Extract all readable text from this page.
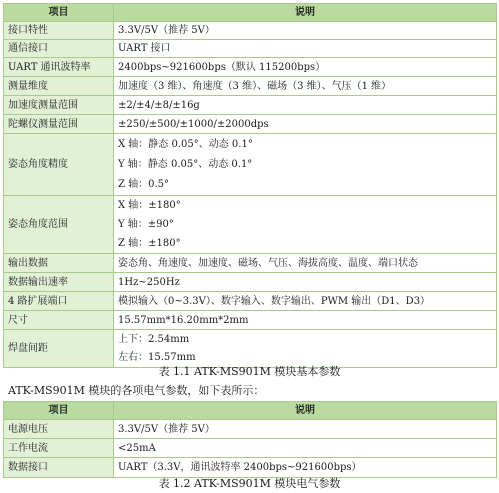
项目	说明
接口特性	3.3V/5V（推荐 5V）
通信接口	UART 接口
UART 通讯波特率	2400bps~921600bps（默认 115200bps）
测量维度	加速度（3 维）、角速度（3 维）、磁场（3 维）、气压（1 维）
加速度测量范围	±2/±4/±8/±16g
陀螺仪测量范围	±250/±500/±1000/±2000dps
姿态角度精度	X 轴：静态 0.05°、动态 0.1°
Y 轴：静态 0.05°、动态 0.1°
Z 轴：0.5°

姿态角度范围	X 轴：±180°
Y 轴：±90°
Z 轴：±180°

输出数据	姿态角、角速度、加速度、磁场、气压、海拔高度、温度、端口状态
数据输出速率	1Hz~250Hz
4 路扩展端口	模拟输入（0~3.3V）、数字输入、数字输出、PWM 输出（D1、D3）
尺寸	15.57mm*16.20mm*2mm
焊盘间距	上下：2.54mm
左右：15.57mm
表 1.1 ATK-MS901M 模块基本参数
ATK-MS901M 模块的各项电气参数，如下表所示：
项目	说明
电源电压	3.3V/5V（推荐 5V）
工作电流	<25mA
数据接口	UART（3.3V，通讯波特率 2400bps~921600bps）
表 1.2 ATK-MS901M 模块电气参数
